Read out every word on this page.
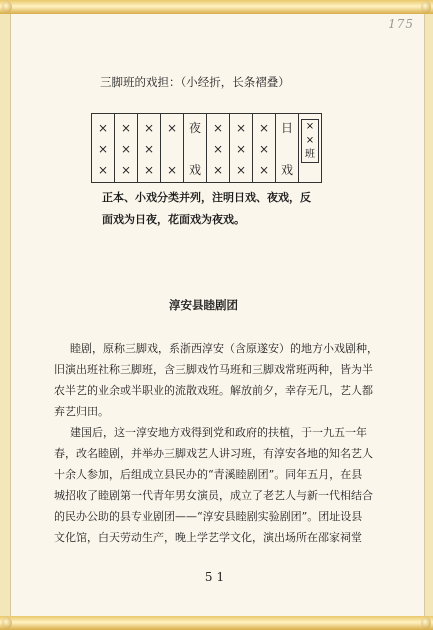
175
三脚班的戏担：（小经折，长条褶叠）
×
×
×

×
×
×

×
×
×

×
×

夜
戏

×
×
×

×
×
×

×
×
×

日
戏

×
×
班
正本、小戏分类并列，注明日戏、夜戏，反
面戏为日夜，花面戏为夜戏。
淳安县睦剧团
睦剧，原称三脚戏，系浙西淳安（含原遂安）的地方小戏剧种，
旧演出班社称三脚班，含三脚戏竹马班和三脚戏常班两种，皆为半
农半艺的业余或半职业的流散戏班。解放前夕，幸存无几，艺人都
弃艺归田。
建国后，这一淳安地方戏得到党和政府的扶植，于一九五一年
春，改名睦剧，并举办三脚戏艺人讲习班，有淳安各地的知名艺人
十余人参加，后组成立县民办的“青溪睦剧团”。同年五月，在县
城招收了睦剧第一代青年男女演员，成立了老艺人与新一代相结合
的民办公助的县专业剧团——“淳安县睦剧实验剧团”。团址设县
文化馆，白天劳动生产，晚上学艺学文化，演出场所在邵家祠堂
51
